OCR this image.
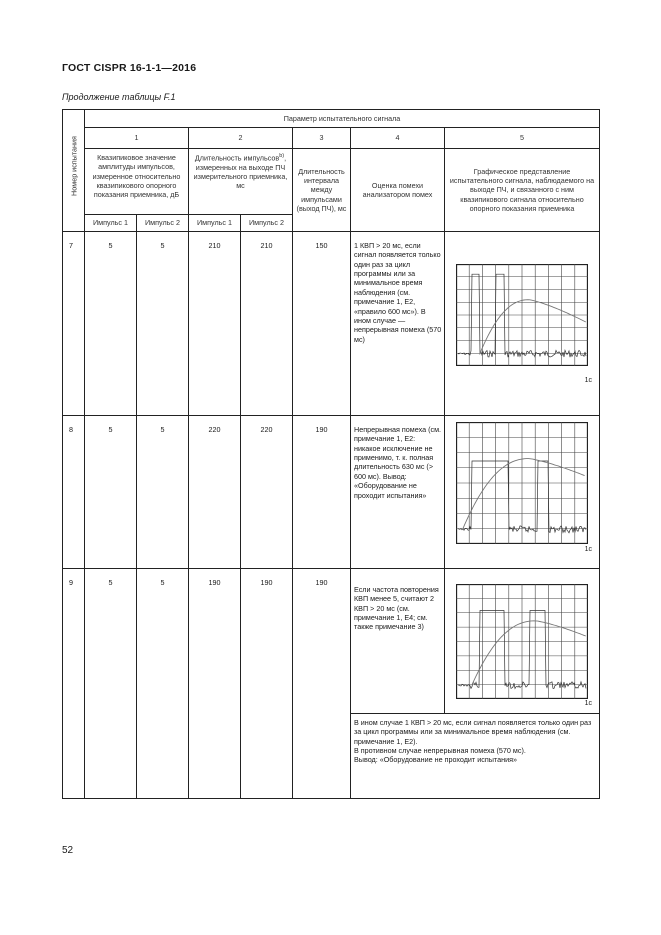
ГОСТ CISPR 16-1-1—2016
Продолжение таблицы F.1
Номер испытания	Параметр испытательного сигнала						
	1		2		3	4	5
	Квазипиковое значение амплитуды импульсов, измеренное относительно квазипикового опорного показания приемника, дБ		Длительность импульсов$^{b)}$, измеренных на выходе ПЧ измерительного приемника, мс		Длительность интервала между импульсами (выход ПЧ), мс	Оценка помехи анализатором помех	Графическое представление испытательного сигнала, наблюдаемого на выходе ПЧ, и связанного с ним квазипикового сигнала относительно опорного показания приемника
	Импульс 1	Импульс 2	Импульс 1	Импульс 2			
7	5	5	210	210	150	1 КВП > 20 мс, если сигнал появляется только один раз за цикл программы или за минимальное время наблюдения (см. примечание 1, Е2, «правило 600 мс»). В ином случае — непрерывная помеха (570 мс)	1с

8	5	5	220	220	190	Непрерывная помеха (см. примечание 1, Е2: никакое исключение не применимо, т. к. полная длительность 630 мс (> 600 мс). Вывод: «Оборудование не проходит испытания»	1с

9	5	5	190	190	190	Если частота повторения КВП менее 5, считают 2 КВП > 20 мс (см. примечание 1, Е4; см. также примечание 3)	1с

						В ином случае 1 КВП > 20 мс, если сигнал появляется только один раз за цикл программы или за минимальное время наблюдения (см. примечание 1, Е2).
В противном случае непрерывная помеха (570 мс).
Вывод: «Оборудование не проходит испытания»	
52
